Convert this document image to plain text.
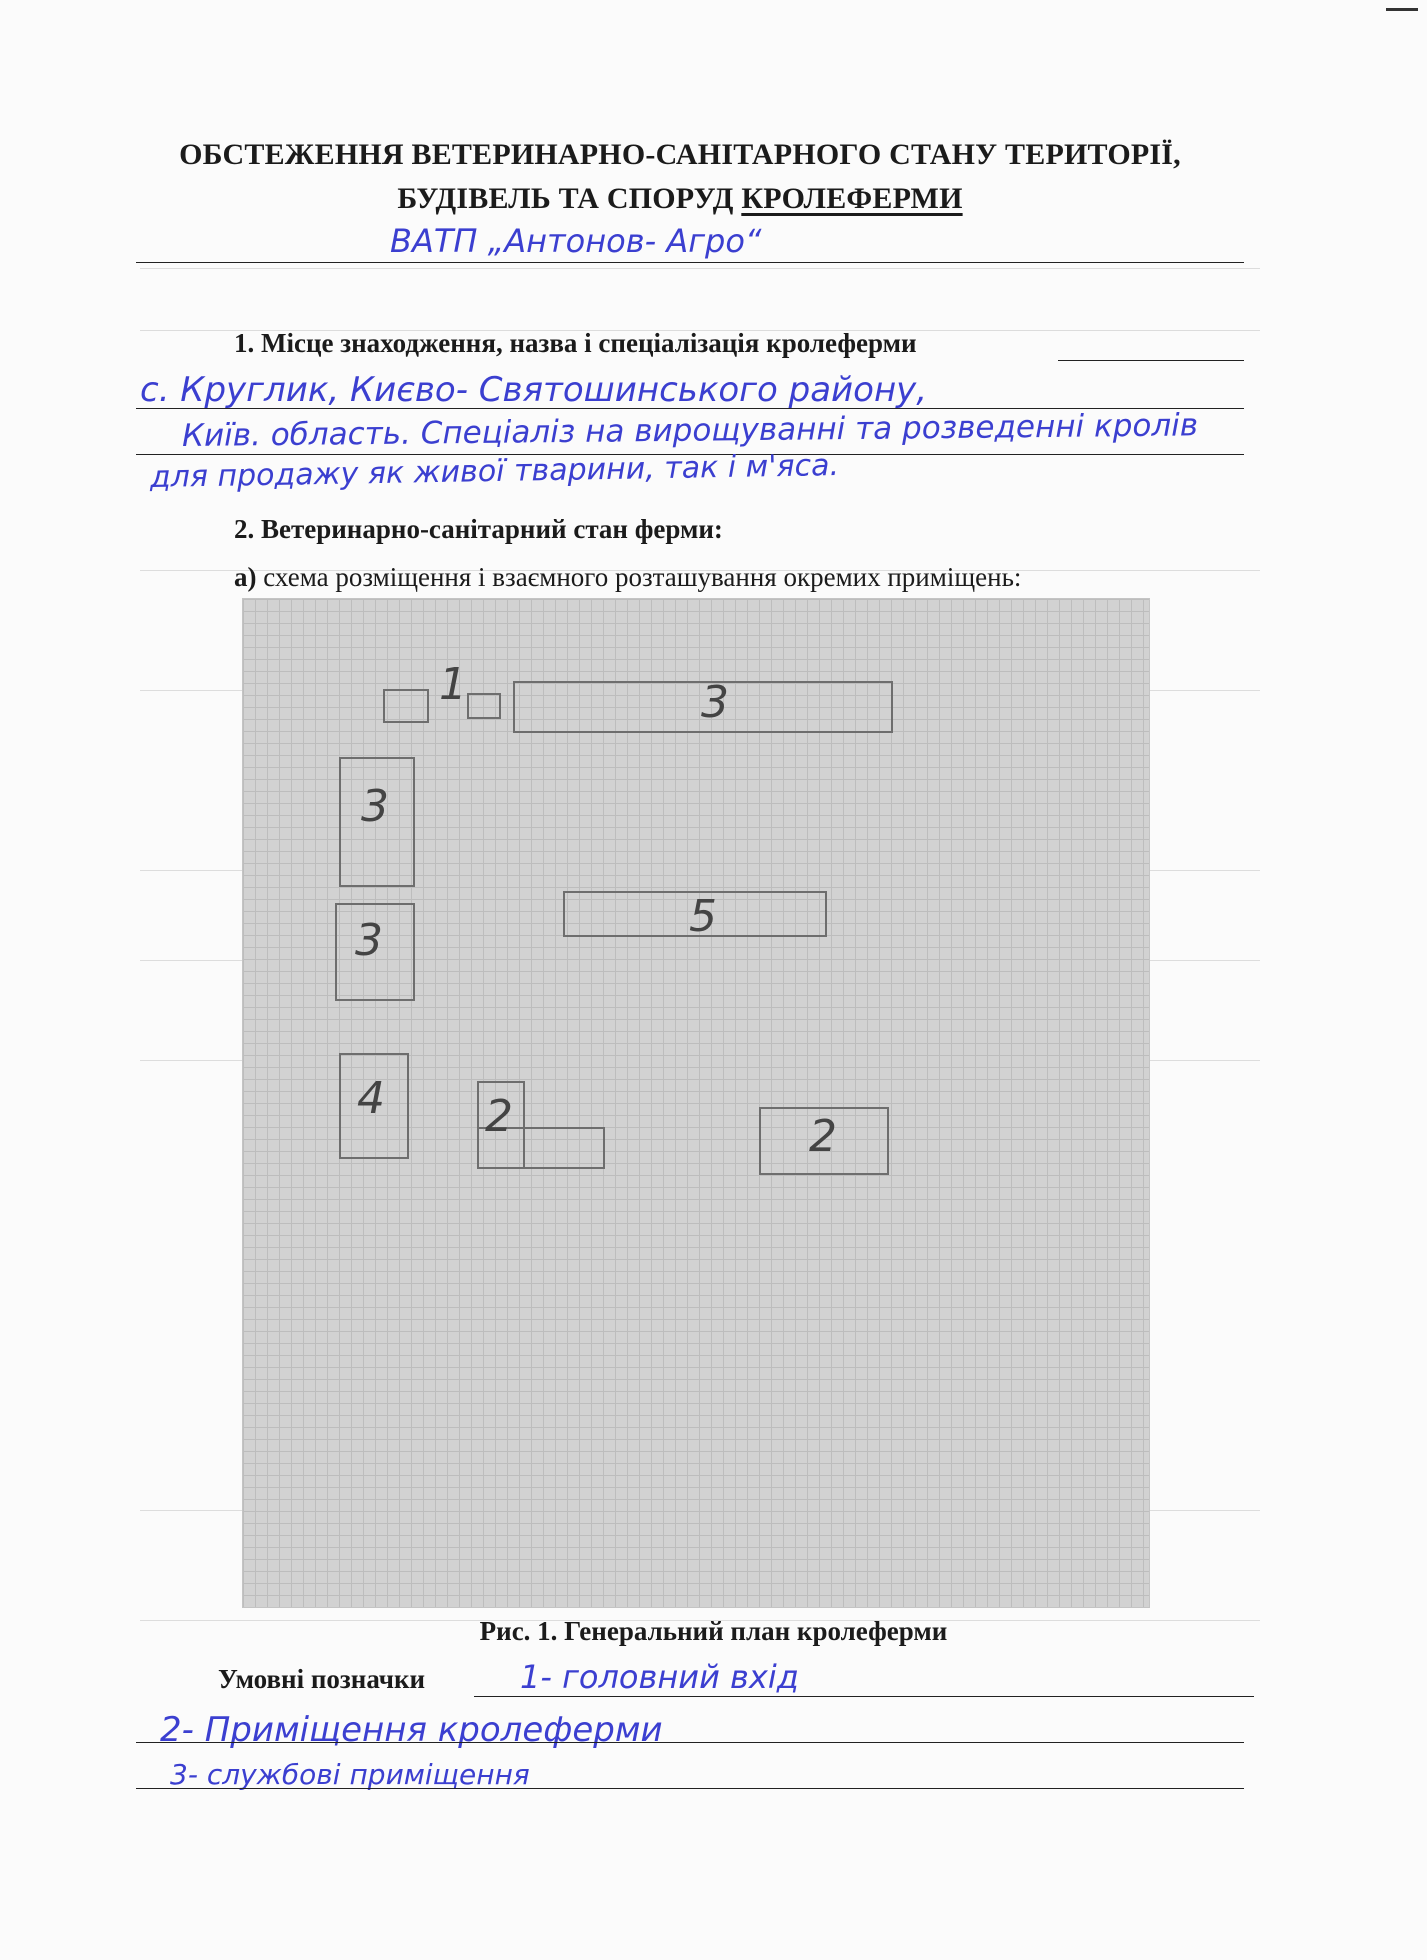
ОБСТЕЖЕННЯ ВЕТЕРИНАРНО-САНІТАРНОГО СТАНУ ТЕРИТОРІЇ,
БУДІВЕЛЬ ТА СПОРУД КРОЛЕФЕРМИ
ВАТП „Антонов- Агро“
1. Місце знаходження, назва і спеціалізація кролеферми
с. Круглик, Києво- Святошинського району,
Київ. область. Спеціаліз на вирощуванні та розведенні кролів
для продажу як живої тварини, так і м'яса.
2. Ветеринарно-санітарний стан ферми:
а) схема розміщення і взаємного розташування окремих приміщень:
1	3
3
3	5
4 2	2
Рис. 1. Генеральний план кролеферми
Умовні позначки	1- головний вхід
2- Приміщення кролеферми
3- службові приміщення
